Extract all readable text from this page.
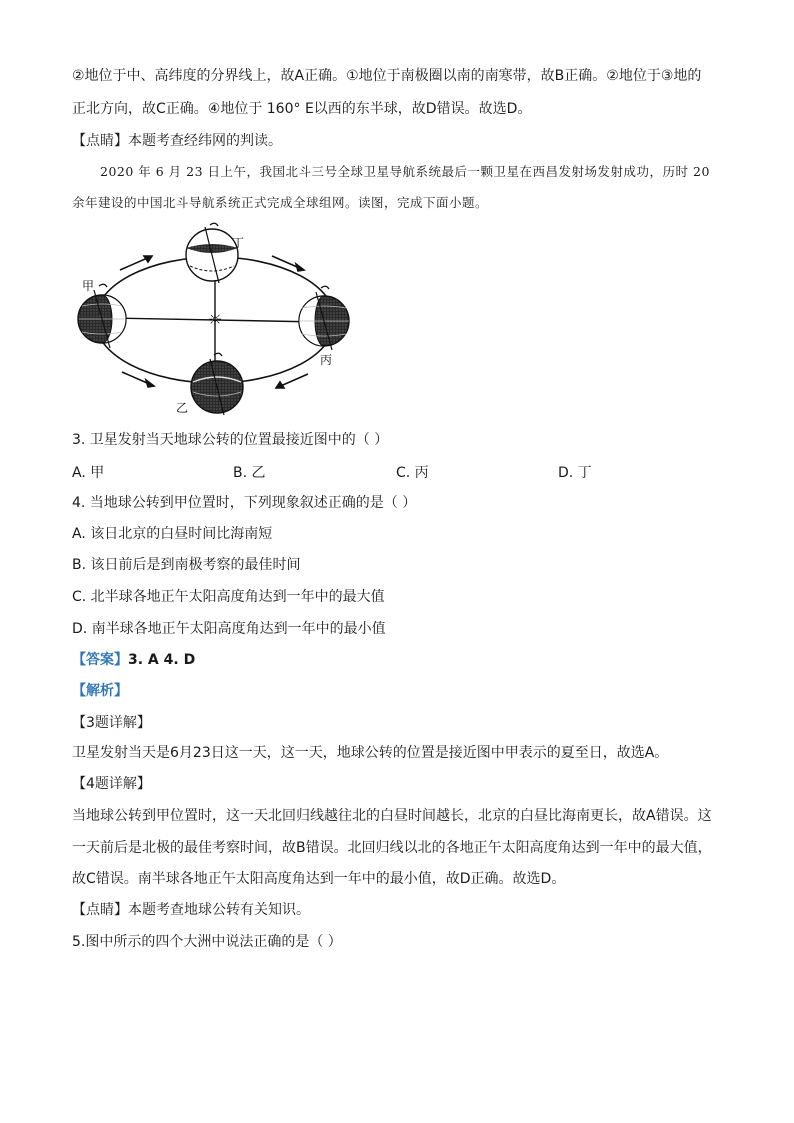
②地位于中、高纬度的分界线上，故A正确。①地位于南极圈以南的南寒带，故B正确。②地位于③地的
正北方向，故C正确。④地位于 160° E以西的东半球，故D错误。故选D。
【点睛】本题考查经纬网的判读。
2020 年 6 月 23 日上午，我国北斗三号全球卫星导航系统最后一颗卫星在西昌发射场发射成功，历时 20
余年建设的中国北斗导航系统正式完成全球组网。读图，完成下面小题。
☼
甲
乙
丙
丁
3. 卫星发射当天地球公转的位置最接近图中的（ ）
A. 甲	B. 乙	C. 丙	D. 丁
4. 当地球公转到甲位置时，下列现象叙述正确的是（ ）
A. 该日北京的白昼时间比海南短
B. 该日前后是到南极考察的最佳时间
C. 北半球各地正午太阳高度角达到一年中的最大值
D. 南半球各地正午太阳高度角达到一年中的最小值
【答案】3. A 4. D
【解析】
【3题详解】
卫星发射当天是6月23日这一天，这一天，地球公转的位置是接近图中甲表示的夏至日，故选A。
【4题详解】
当地球公转到甲位置时，这一天北回归线越往北的白昼时间越长，北京的白昼比海南更长，故A错误。这
一天前后是北极的最佳考察时间，故B错误。北回归线以北的各地正午太阳高度角达到一年中的最大值，
故C错误。南半球各地正午太阳高度角达到一年中的最小值，故D正确。故选D。
【点睛】本题考查地球公转有关知识。
5.图中所示的四个大洲中说法正确的是（ ）
